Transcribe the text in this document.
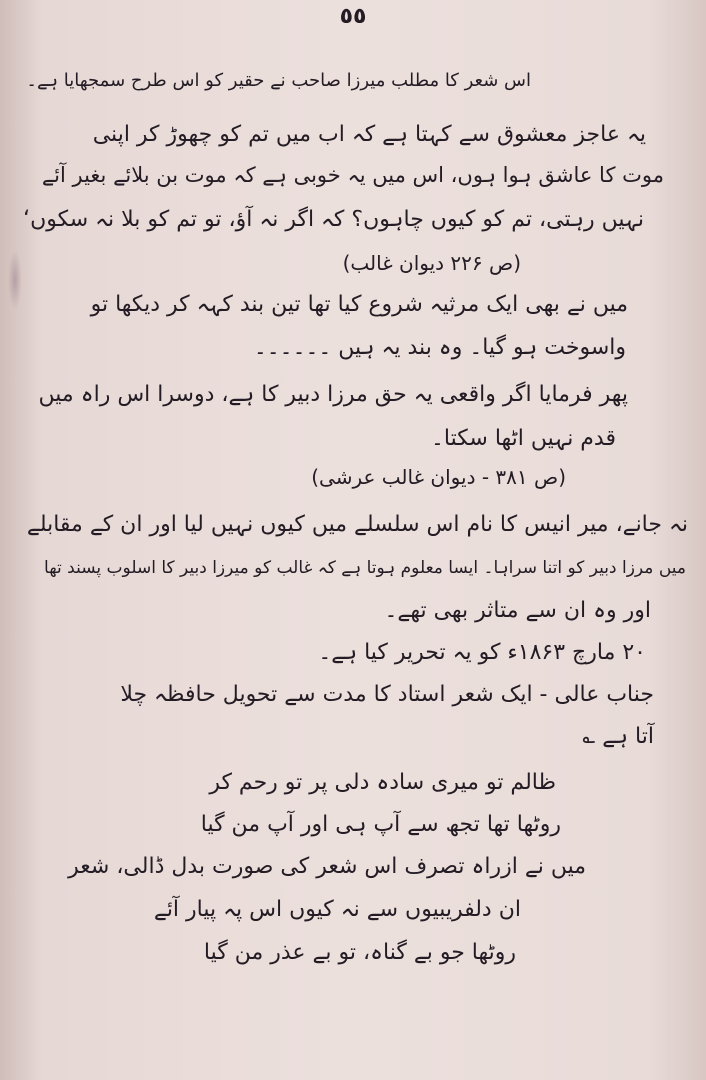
٥٥
اس شعر کا مطلب میرزا صاحب نے حقیر کو اس طرح سمجھایا ہے۔
یہ عاجز معشوق سے کہتا ہے کہ اب میں تم کو چھوڑ کر اپنی
موت کا عاشق ہوا ہوں، اس میں یہ خوبی ہے کہ موت بن بلائے بغیر آئے
نہیں رہتی، تم کو کیوں چاہوں؟ کہ اگر نہ آؤ، تو تم کو بلا نہ سکوں‘
(ص ۲۲۶ دیوان غالب)
میں نے بھی ایک مرثیہ شروع کیا تھا تین بند کہہ کر دیکھا تو
واسوخت ہو گیا۔ وہ بند یہ ہیں ۔۔۔۔۔۔
پھر فرمایا اگر واقعی یہ حق مرزا دبیر کا ہے، دوسرا اس راہ میں
قدم نہیں اٹھا سکتا۔
(ص ۳۸۱ - دیوان غالب عرشی)
نہ جانے، میر انیس کا نام اس سلسلے میں کیوں نہیں لیا اور ان کے مقابلے
میں مرزا دبیر کو اتنا سراہا۔ ایسا معلوم ہوتا ہے کہ غالب کو میرزا دبیر کا اسلوب پسند تھا
اور وہ ان سے متاثر بھی تھے۔
۲۰ مارچ ۱۸۶۳ء کو یہ تحریر کیا ہے۔
جناب عالی - ایک شعر استاد کا مدت سے تحویل حافظہ چلا
آتا ہے ؎
ظالم تو میری سادہ دلی پر تو رحم کر
روٹھا تھا تجھ سے آپ ہی اور آپ من گیا
میں نے ازراہ تصرف اس شعر کی صورت بدل ڈالی، شعر
ان دلفریبیوں سے نہ کیوں اس پہ پیار آئے
روٹھا جو بے گناہ، تو بے عذر من گیا
